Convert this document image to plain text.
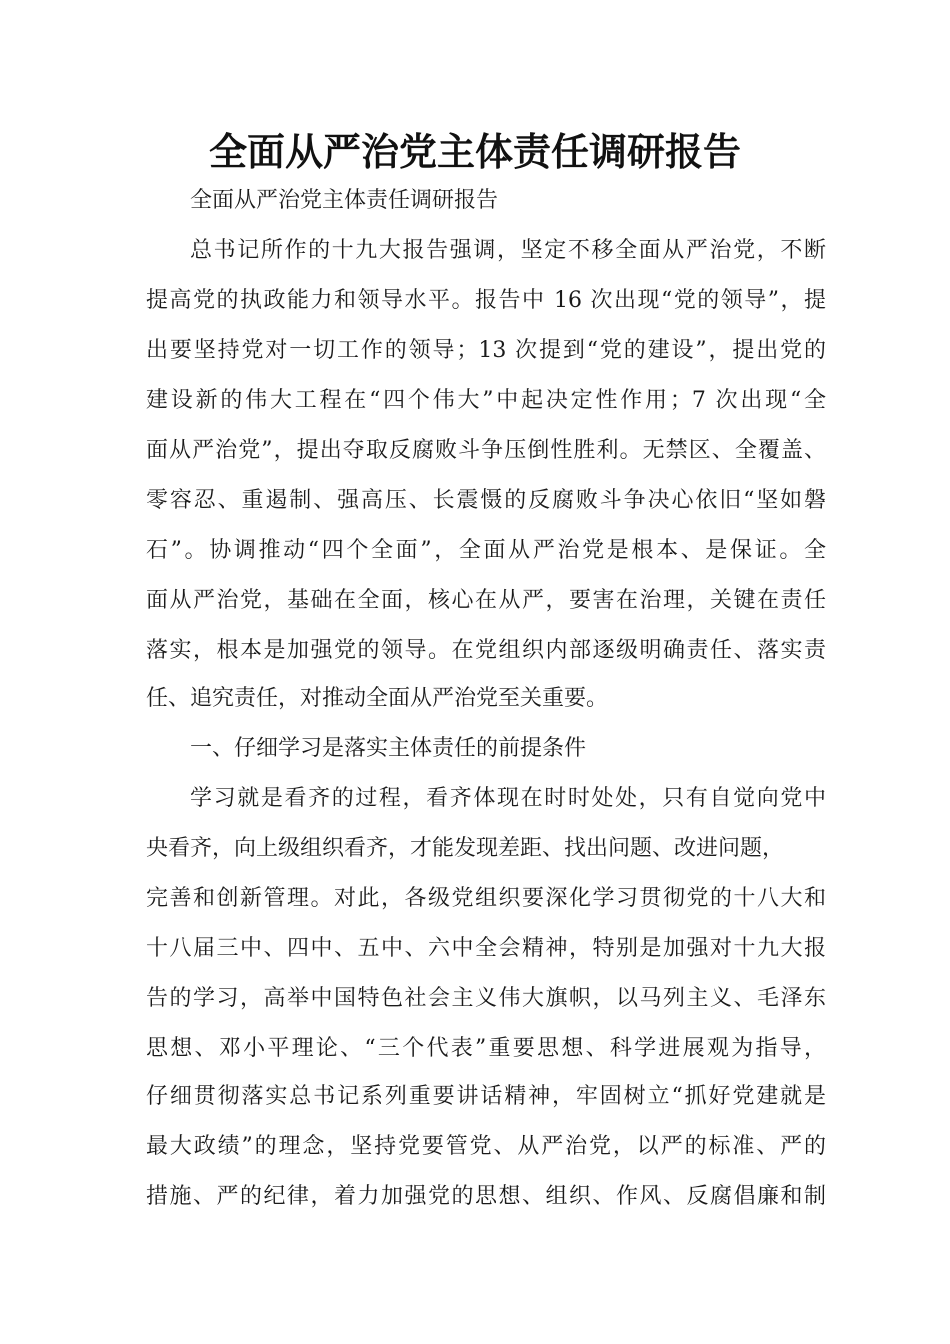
全面从严治党主体责任调研报告
全面从严治党主体责任调研报告
总书记所作的十九大报告强调，坚定不移全面从严治党，不断
提高党的执政能力和领导水平。报告中 16 次出现“党的领导”，提
出要坚持党对一切工作的领导；13 次提到“党的建设”，提出党的
建设新的伟大工程在“四个伟大”中起决定性作用；7 次出现“全
面从严治党”，提出夺取反腐败斗争压倒性胜利。无禁区、全覆盖、
零容忍、重遏制、强高压、长震慑的反腐败斗争决心依旧“坚如磐
石”。协调推动“四个全面”，全面从严治党是根本、是保证。全
面从严治党，基础在全面，核心在从严，要害在治理，关键在责任
落实，根本是加强党的领导。在党组织内部逐级明确责任、落实责
任、追究责任，对推动全面从严治党至关重要。
一、仔细学习是落实主体责任的前提条件
学习就是看齐的过程，看齐体现在时时处处，只有自觉向党中
央看齐，向上级组织看齐，才能发现差距、找出问题、改进问题，
完善和创新管理。对此，各级党组织要深化学习贯彻党的十八大和
十八届三中、四中、五中、六中全会精神，特别是加强对十九大报
告的学习，高举中国特色社会主义伟大旗帜，以马列主义、毛泽东
思想、邓小平理论、“三个代表”重要思想、科学进展观为指导，
仔细贯彻落实总书记系列重要讲话精神，牢固树立“抓好党建就是
最大政绩”的理念，坚持党要管党、从严治党，以严的标准、严的
措施、严的纪律，着力加强党的思想、组织、作风、反腐倡廉和制
